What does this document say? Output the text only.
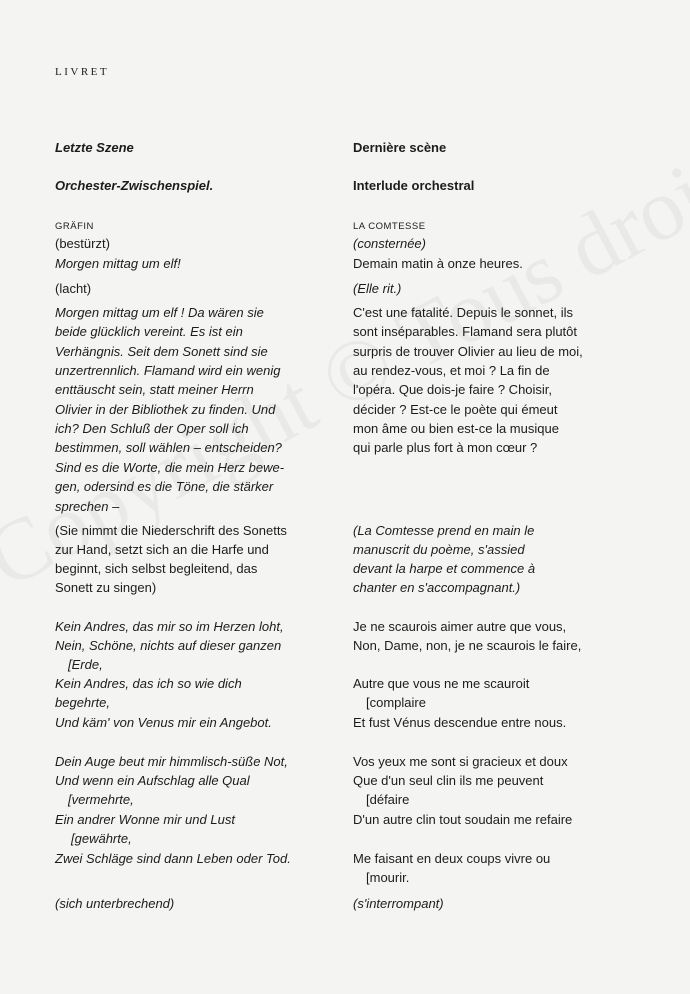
LIVRET
Letzte Szene
Orchester-Zwischenspiel.
GRÄFIN
(bestürzt)
Morgen mittag um elf!
(lacht)
Morgen mittag um elf ! Da wären sie
beide glücklich vereint. Es ist ein
Verhängnis. Seit dem Sonett sind sie
unzertrennlich. Flamand wird ein wenig
enttäuscht sein, statt meiner Herrn
Olivier in der Bibliothek zu finden. Und
ich? Den Schluß der Oper soll ich
bestimmen, soll wählen – entscheiden?
Sind es die Worte, die mein Herz bewe-
gen, odersind es die Töne, die stärker
sprechen –
(Sie nimmt die Niederschrift des Sonetts
zur Hand, setzt sich an die Harfe und
beginnt, sich selbst begleitend, das
Sonett zu singen)
Kein Andres, das mir so im Herzen loht,
Nein, Schöne, nichts auf dieser ganzen
[Erde,
Kein Andres, das ich so wie dich
begehrte,
Und käm' von Venus mir ein Angebot.
Dein Auge beut mir himmlisch-süße Not,
Und wenn ein Aufschlag alle Qual
[vermehrte,
Ein andrer Wonne mir und Lust
[gewährte,
Zwei Schläge sind dann Leben oder Tod.
(sich unterbrechend)
Dernière scène
Interlude orchestral
LA COMTESSE
(consternée)
Demain matin à onze heures.
(Elle rit.)
C'est une fatalité. Depuis le sonnet, ils
sont inséparables. Flamand sera plutôt
surpris de trouver Olivier au lieu de moi,
au rendez-vous, et moi ? La fin de
l'opéra. Que dois-je faire ? Choisir,
décider ? Est-ce le poète qui émeut
mon âme ou bien est-ce la musique
qui parle plus fort à mon cœur ?
(La Comtesse prend en main le
manuscrit du poème, s'assied
devant la harpe et commence à
chanter en s'accompagnant.)
Je ne scaurois aimer autre que vous,
Non, Dame, non, je ne scaurois le faire,
Autre que vous ne me scauroit
[complaire
Et fust Vénus descendue entre nous.
Vos yeux me sont si gracieux et doux
Que d'un seul clin ils me peuvent
[défaire
D'un autre clin tout soudain me refaire
Me faisant en deux coups vivre ou
[mourir.
(s'interrompant)
